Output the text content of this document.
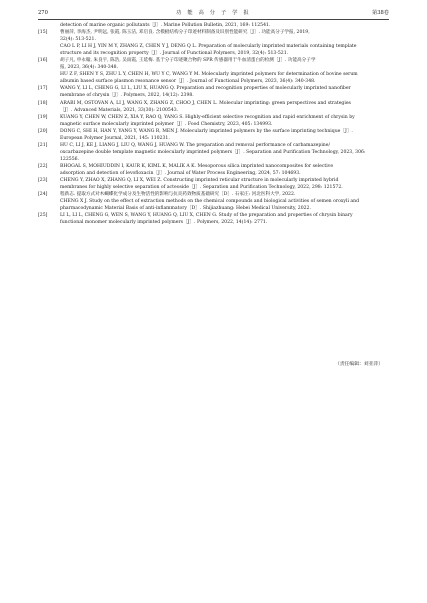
270	功 能 高 分 子 学 报	第38卷
detection of marine organic pollutants［J］. Marine Pollution Bulletin, 2021, 169: 112541.
[15]	曹丽萍, 李海杰, 尹明远, 张霞, 陈玉洁, 邓启良. 含模板结构分子印迹材料制备及识别性能研究［J］. 功能高分子学报, 2019,
32(4): 513-521.
CAO L P, LI H J, YIN M Y, ZHANG Z, CHEN Y J, DENG Q L. Preparation of molecularly imprinted materials containing template
structure and its recognition property［J］. Journal of Functional Polymers, 2019, 32(4): 513-521.
[16]	胡子凡, 申永翰, 朱良宇, 陈浩, 吴雨霞, 王延梅. 基于分子印迹聚合物的 SPR 传感器用于牛血清蛋白的检测［J］. 功能高分子学
报, 2023, 36(4): 340-348.
HU Z F, SHEN Y S, ZHU L Y, CHEN H, WU Y C, WANG Y M. Molecularly imprinted polymers for determination of bovine serum
albumin based surface plasmon resonance sensor［J］. Journal of Functional Polymers, 2023, 36(4): 340-348.
[17]	WANG Y, LI L, CHENG G, LI L, LIU X, HUANG Q. Preparation and recognition properties of molecularly imprinted nanofiber
membrane of chrysin［J］. Polymers, 2022, 14(12): 2398.
[18]	ARABI M, OSTOVAN A, LI J, WANG X, ZHANG Z, CHOO J, CHEN L. Molecular imprinting: green perspectives and strategies
［J］. Advanced Materials, 2021, 33(30): 2100543.
[19]	KUANG Y, CHEN W, CHEN Z, XIA Y, RAO Q, YANG S. Highly-efficient selective recognition and rapid enrichment of chrysin by
magnetic surface molecularly imprinted polymer［J］. Food Chemistry, 2023, 405: 134993.
[20]	DONG C, SHI H, HAN Y, YANG Y, WANG R, MEN J. Molecularly imprinted polymers by the surface imprinting technique［J］.
European Polymer Journal, 2021, 145: 110231.
[21]	HU C, LI J, KE J, LIANG J, LIU Q, WANG J, HUANG W. The preparation and removal performance of carbamazepine/
oxcarbazepine double template magnetic molecularly imprinted polymers［J］. Separation and Purification Technology, 2023, 306:
122556.
[22]	BHOGAL S, MOHIUDDIN I, KAUR K, KIML K, MALIK A K. Mesoporous silica imprinted nanocomposites for selective
adsorption and detection of levofloxacin［J］. Journal of Water Process Engineering, 2024, 57: 104693.
[23]	CHENG Y, ZHAO X, ZHANG Q, LI X, WEI Z. Constructing imprinted reticular structure in molecularly imprinted hybrid
membranes for highly selective separation of acteoside［J］. Separation and Purification Technology, 2022, 298: 121572.
[24]	程新志. 提取方式对木蝴蝶化学成分及生物活性的影响与抗炎药效物质基础研究［D］. 石家庄: 河北医科大学, 2022.
CHENG X J. Study on the effect of extraction methods on the chemical compounds and biological activities of semen oroxyli and
pharmacodynamic Material Basis of anti-inflammatory［D］. Shijiazhuang: Hebei Medical University, 2022.
[25]	LI L, LI L, CHENG G, WEN S, WANG Y, HUANG Q, LIU X, CHEN G. Study of the preparation and properties of chrysin binary
functional monomer molecularly imprinted polymers［J］. Polymers, 2022, 14(14): 2771.
（责任编辑：刘亚萍）
